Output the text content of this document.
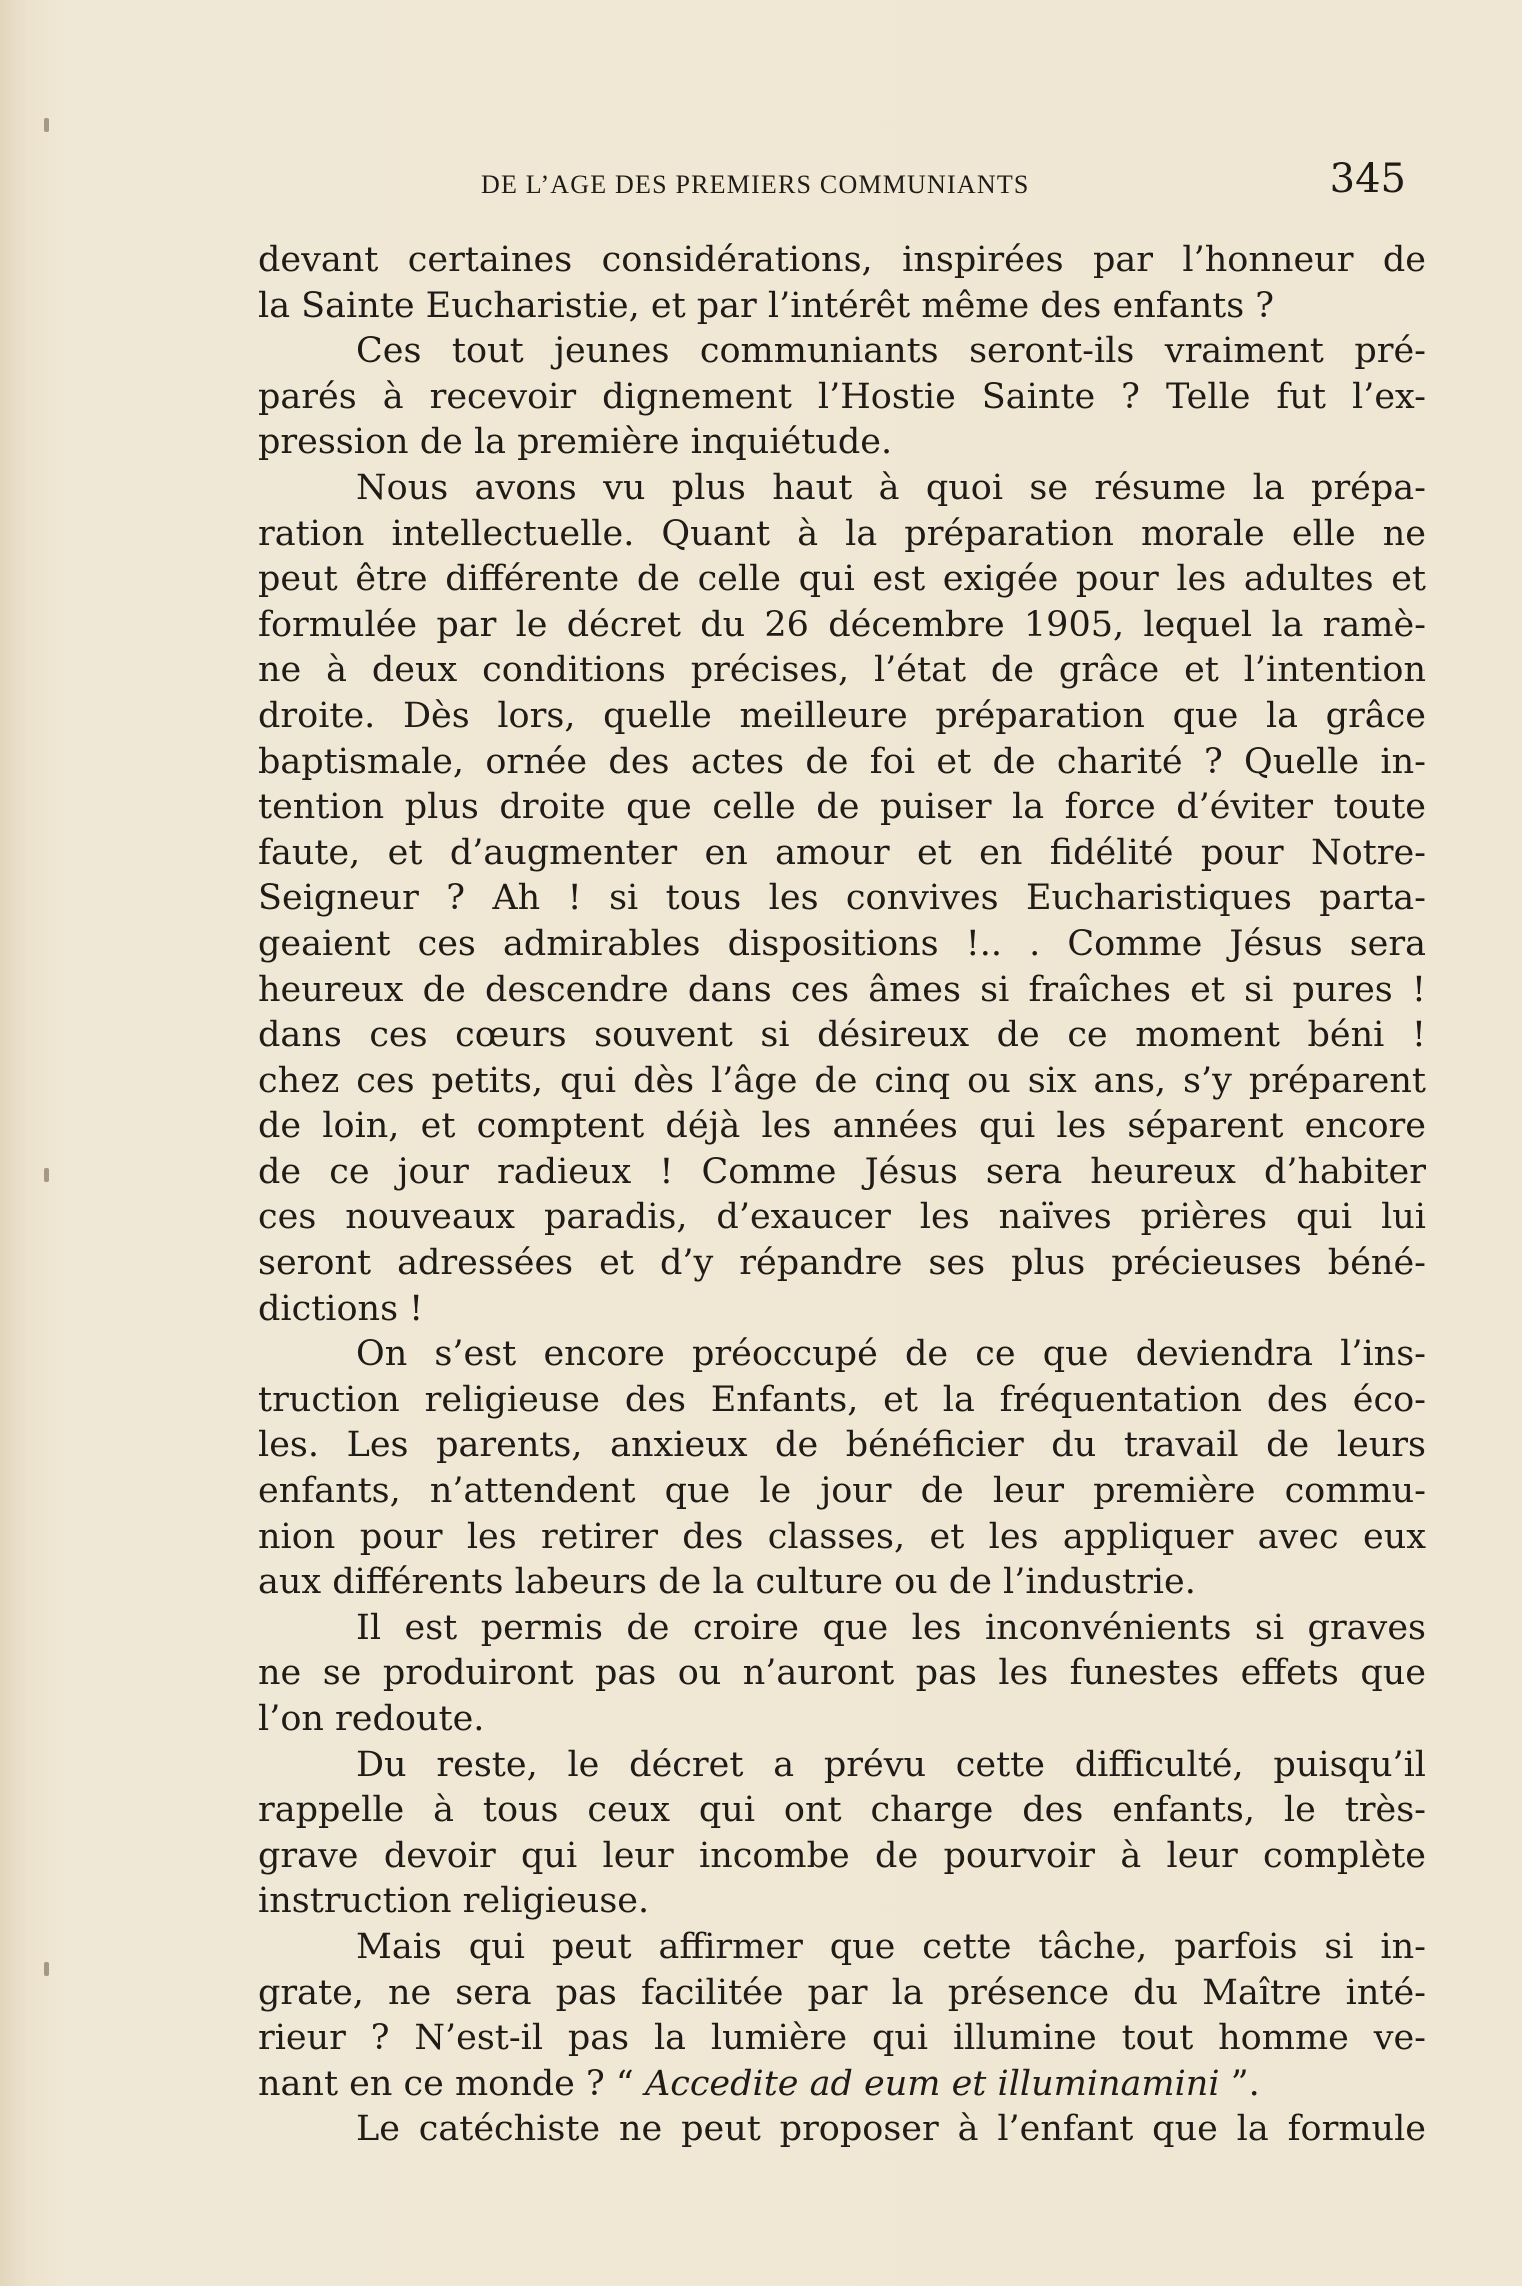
DE L’AGE DES PREMIERS COMMUNIANTS	345
devant certaines considérations, inspirées par l’honneur de
la Sainte Eucharistie, et par l’intérêt même des enfants ?
Ces tout jeunes communiants seront-ils vraiment pré-
parés à recevoir dignement l’Hostie Sainte ? Telle fut l’ex-
pression de la première inquiétude.
Nous avons vu plus haut à quoi se résume la prépa-
ration intellectuelle. Quant à la préparation morale elle ne
peut être différente de celle qui est exigée pour les adultes et
formulée par le décret du 26 décembre 1905, lequel la ramè-
ne à deux conditions précises, l’état de grâce et l’intention
droite. Dès lors, quelle meilleure préparation que la grâce
baptismale, ornée des actes de foi et de charité ? Quelle in-
tention plus droite que celle de puiser la force d’éviter toute
faute, et d’augmenter en amour et en fidélité pour Notre-
Seigneur ? Ah ! si tous les convives Eucharistiques parta-
geaient ces admirables dispositions !.. . Comme Jésus sera
heureux de descendre dans ces âmes si fraîches et si pures !
dans ces cœurs souvent si désireux de ce moment béni !
chez ces petits, qui dès l’âge de cinq ou six ans, s’y préparent
de loin, et comptent déjà les années qui les séparent encore
de ce jour radieux ! Comme Jésus sera heureux d’habiter
ces nouveaux paradis, d’exaucer les naïves prières qui lui
seront adressées et d’y répandre ses plus précieuses béné-
dictions !
On s’est encore préoccupé de ce que deviendra l’ins-
truction religieuse des Enfants, et la fréquentation des éco-
les. Les parents, anxieux de bénéficier du travail de leurs
enfants, n’attendent que le jour de leur première commu-
nion pour les retirer des classes, et les appliquer avec eux
aux différents labeurs de la culture ou de l’industrie.
Il est permis de croire que les inconvénients si graves
ne se produiront pas ou n’auront pas les funestes effets que
l’on redoute.
Du reste, le décret a prévu cette difficulté, puisqu’il
rappelle à tous ceux qui ont charge des enfants, le très-
grave devoir qui leur incombe de pourvoir à leur complète
instruction religieuse.
Mais qui peut affirmer que cette tâche, parfois si in-
grate, ne sera pas facilitée par la présence du Maître inté-
rieur ? N’est-il pas la lumière qui illumine tout homme ve-
nant en ce monde ? “ Accedite ad eum et illuminamini ”.
Le catéchiste ne peut proposer à l’enfant que la formule
